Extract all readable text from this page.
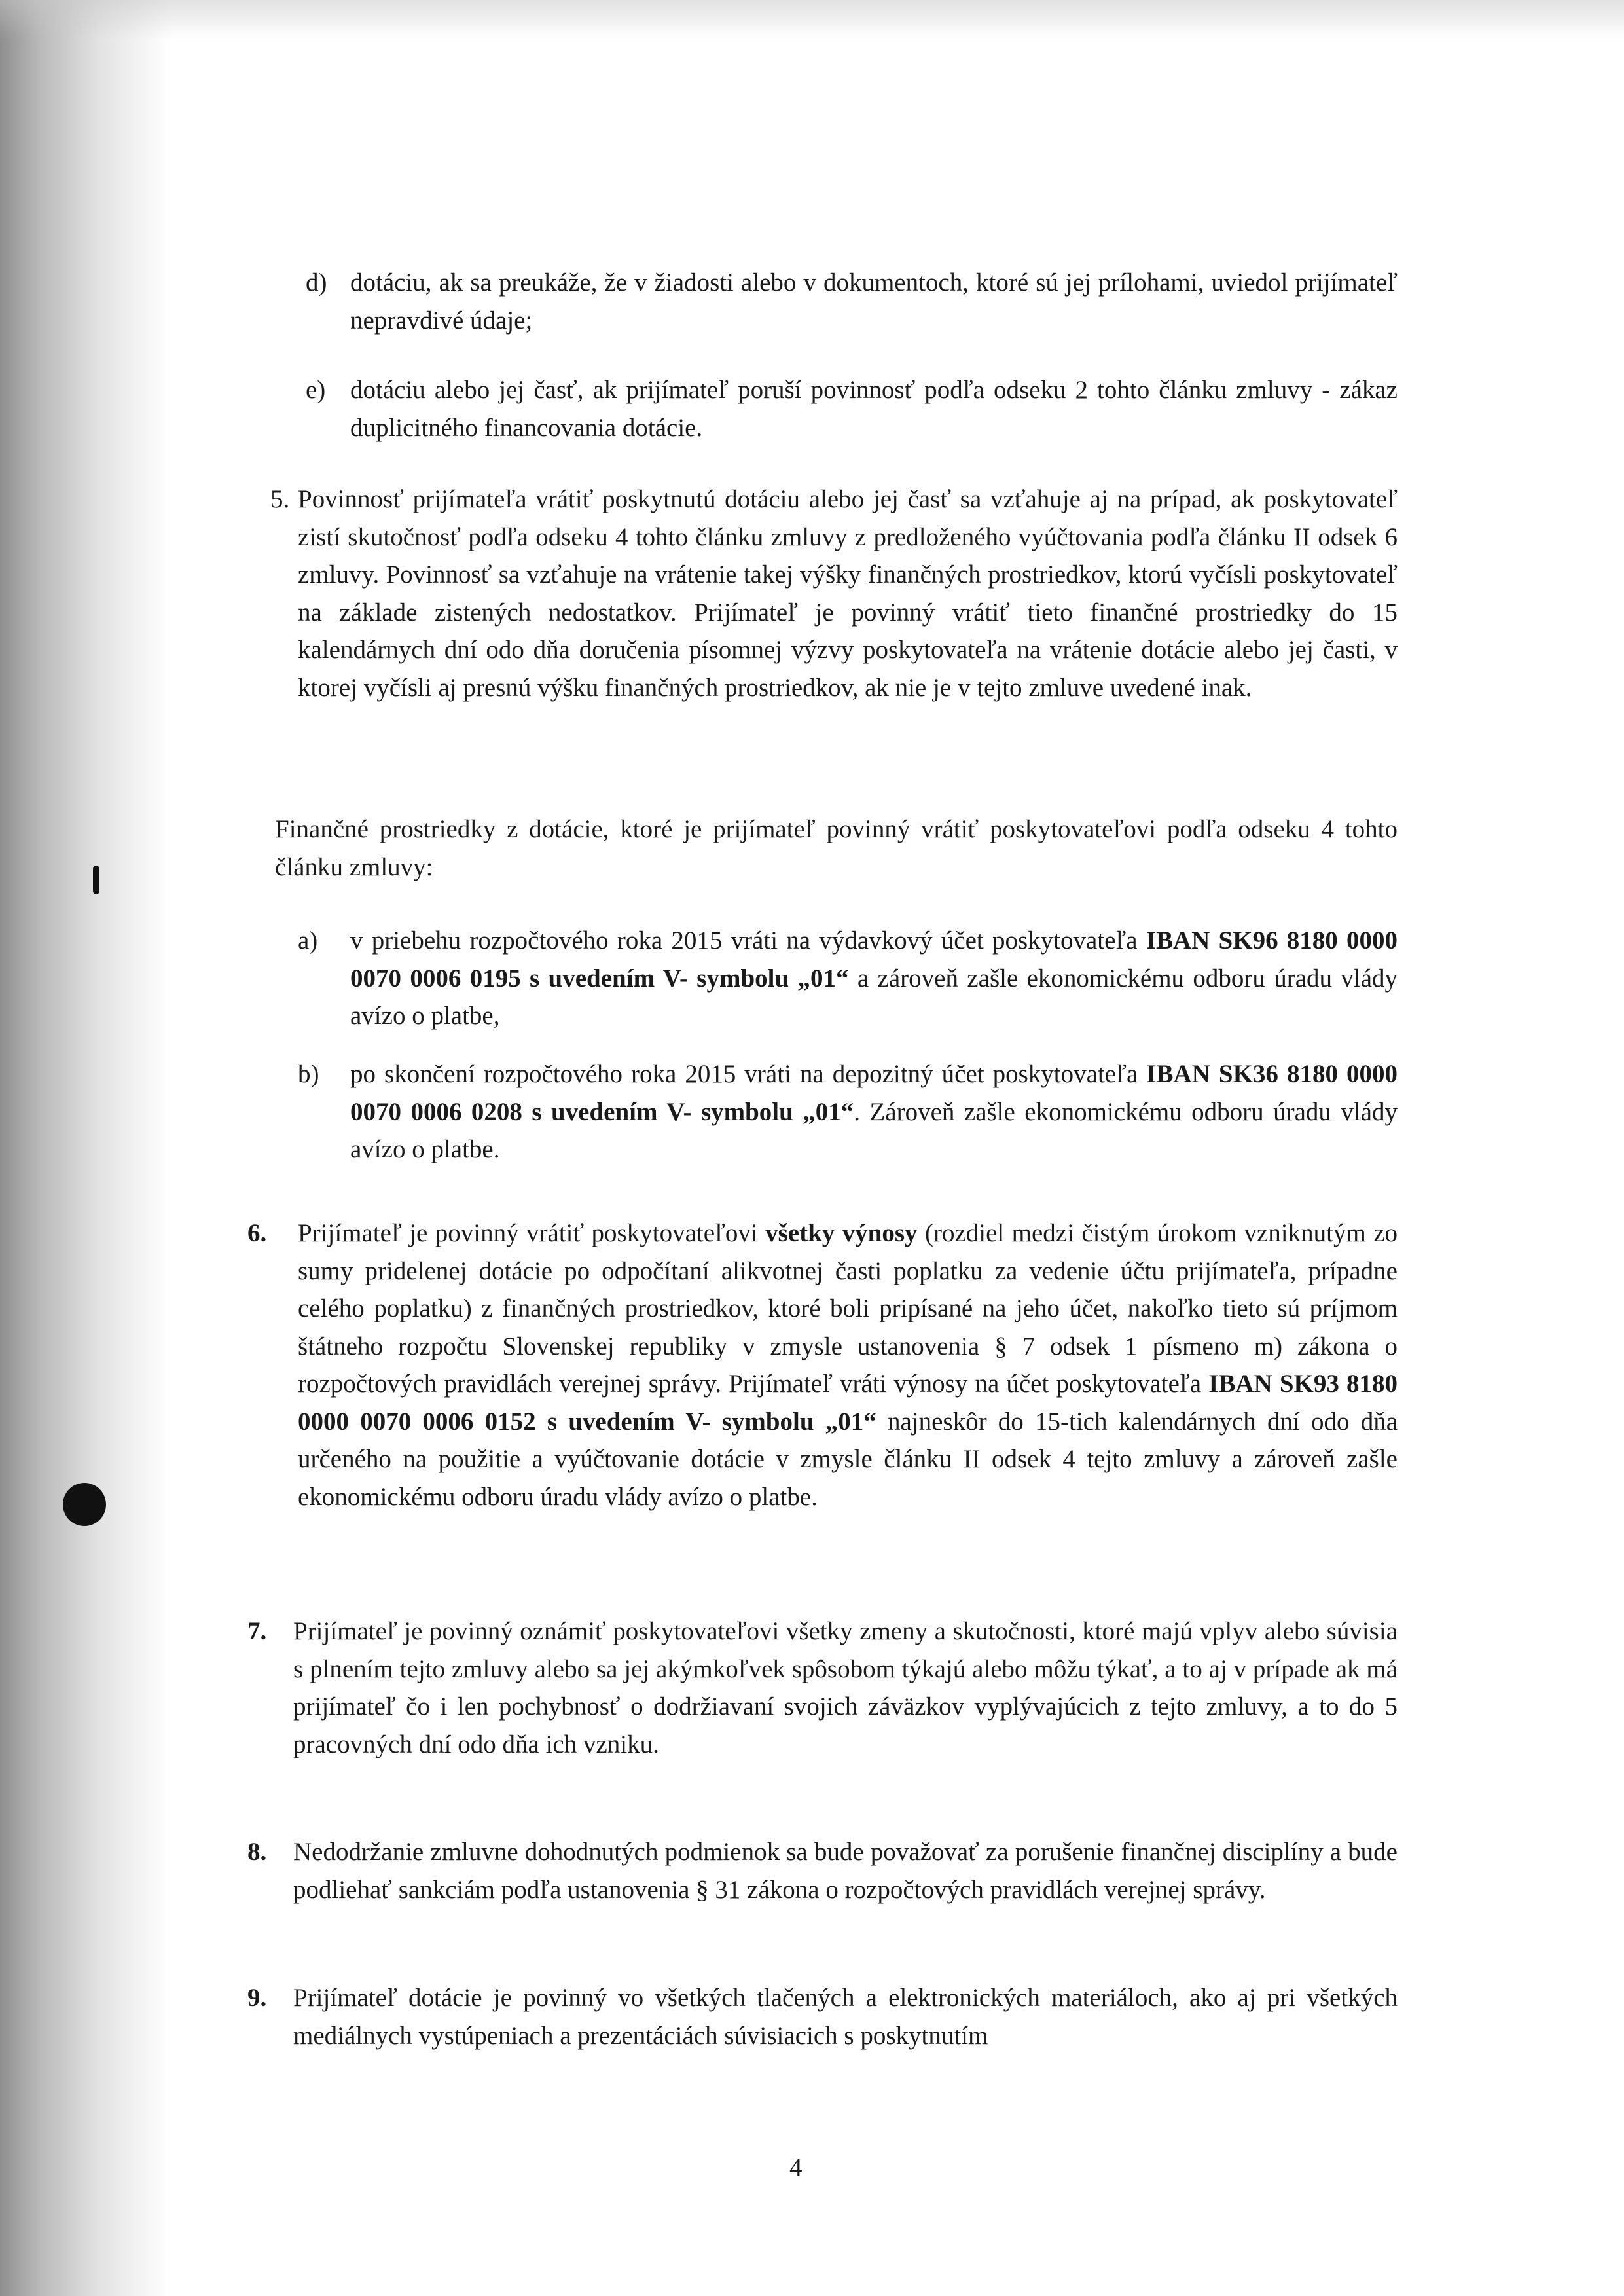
d) dotáciu, ak sa preukáže, že v žiadosti alebo v dokumentoch, ktoré sú jej prílohami, uviedol prijímateľ nepravdivé údaje;

e) dotáciu alebo jej časť, ak prijímateľ poruší povinnosť podľa odseku 2 tohto článku zmluvy - zákaz duplicitného financovania dotácie.

5. Povinnosť prijímateľa vrátiť poskytnutú dotáciu alebo jej časť sa vzťahuje aj na prípad, ak poskytovateľ zistí skutočnosť podľa odseku 4 tohto článku zmluvy z predloženého vyúčtovania podľa článku II odsek 6 zmluvy. Povinnosť sa vzťahuje na vrátenie takej výšky finančných prostriedkov, ktorú vyčísli poskytovateľ na základe zistených nedostatkov. Prijímateľ je povinný vrátiť tieto finančné prostriedky do 15 kalendárnych dní odo dňa doručenia písomnej výzvy poskytovateľa na vrátenie dotácie alebo jej časti, v ktorej vyčísli aj presnú výšku finančných prostriedkov, ak nie je v tejto zmluve uvedené inak.

Finančné prostriedky z dotácie, ktoré je prijímateľ povinný vrátiť poskytovateľovi podľa odseku 4 tohto článku zmluvy:

a) v priebehu rozpočtového roka 2015 vráti na výdavkový účet poskytovateľa IBAN SK96 8180 0000 0070 0006 0195 s uvedením V- symbolu „01“ a zároveň zašle ekonomickému odboru úradu vlády avízo o platbe,

b) po skončení rozpočtového roka 2015 vráti na depozitný účet poskytovateľa IBAN SK36 8180 0000 0070 0006 0208 s uvedením V- symbolu „01“. Zároveň zašle ekonomickému odboru úradu vlády avízo o platbe.

6. Prijímateľ je povinný vrátiť poskytovateľovi všetky výnosy (rozdiel medzi čistým úrokom vzniknutým zo sumy pridelenej dotácie po odpočítaní alikvotnej časti poplatku za vedenie účtu prijímateľa, prípadne celého poplatku) z finančných prostriedkov, ktoré boli pripísané na jeho účet, nakoľko tieto sú príjmom štátneho rozpočtu Slovenskej republiky v zmysle ustanovenia § 7 odsek 1 písmeno m) zákona o rozpočtových pravidlách verejnej správy. Prijímateľ vráti výnosy na účet poskytovateľa IBAN SK93 8180 0000 0070 0006 0152 s uvedením V- symbolu „01“ najneskôr do 15-tich kalendárnych dní odo dňa určeného na použitie a vyúčtovanie dotácie v zmysle článku II odsek 4 tejto zmluvy a zároveň zašle ekonomickému odboru úradu vlády avízo o platbe.

7. Prijímateľ je povinný oznámiť poskytovateľovi všetky zmeny a skutočnosti, ktoré majú vplyv alebo súvisia s plnením tejto zmluvy alebo sa jej akýmkoľvek spôsobom týkajú alebo môžu týkať, a to aj v prípade ak má prijímateľ čo i len pochybnosť o dodržiavaní svojich záväzkov vyplývajúcich z tejto zmluvy, a to do 5 pracovných dní odo dňa ich vzniku.

8. Nedodržanie zmluvne dohodnutých podmienok sa bude považovať za porušenie finančnej disciplíny a bude podliehať sankciám podľa ustanovenia § 31 zákona o rozpočtových pravidlách verejnej správy.

9. Prijímateľ dotácie je povinný vo všetkých tlačených a elektronických materiáloch, ako aj pri všetkých mediálnych vystúpeniach a prezentáciách súvisiacich s poskytnutím

4
